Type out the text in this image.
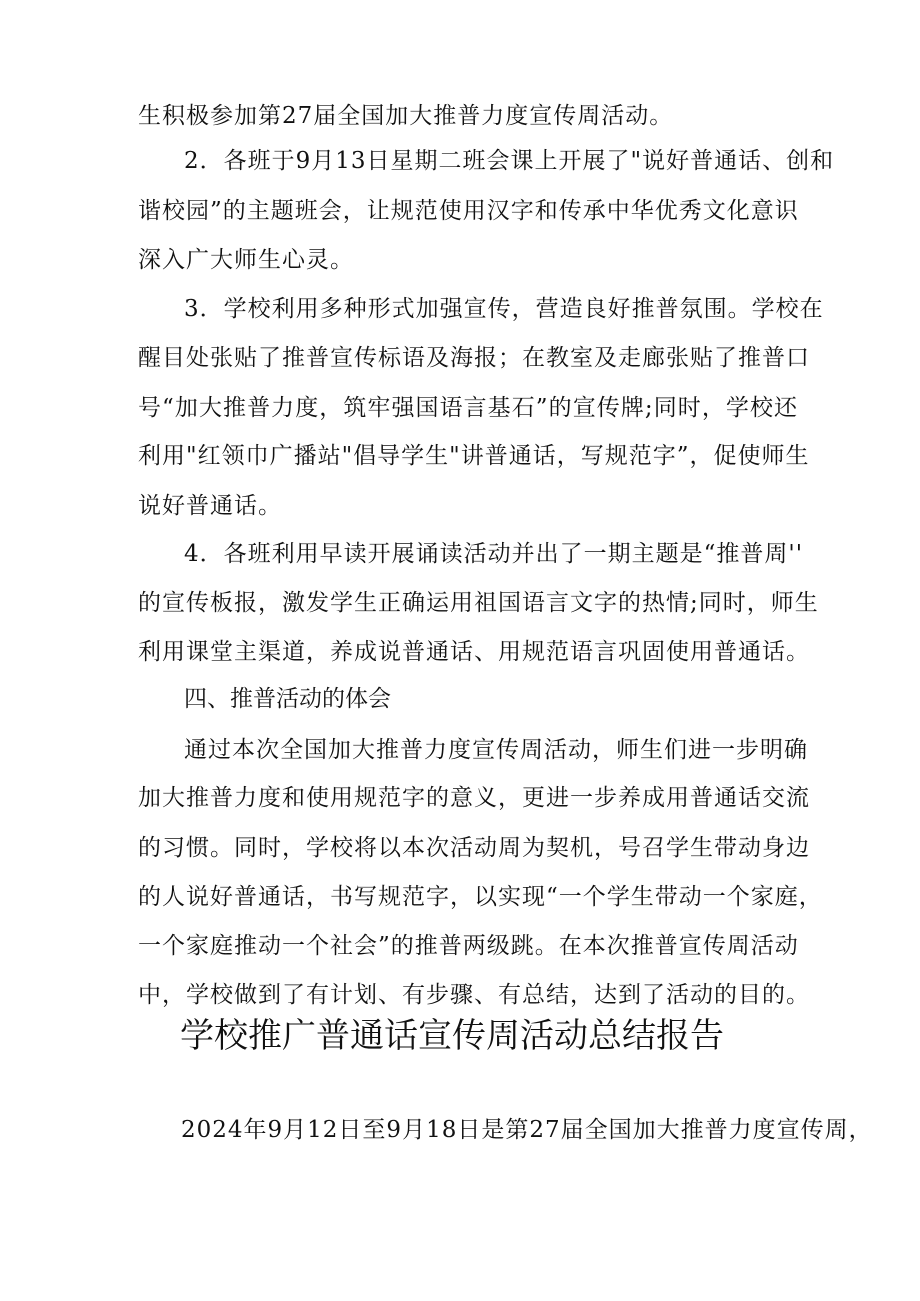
生积极参加第27届全国加大推普力度宣传周活动。
2．各班于9月13日星期二班会课上开展了"说好普通话、创和
谐校园”的主题班会，让规范使用汉字和传承中华优秀文化意识
深入广大师生心灵。
3．学校利用多种形式加强宣传，营造良好推普氛围。学校在
醒目处张贴了推普宣传标语及海报；在教室及走廊张贴了推普口
号“加大推普力度，筑牢强国语言基石”的宣传牌;同时，学校还
利用"红领巾广播站"倡导学生"讲普通话，写规范字”，促使师生
说好普通话。
4．各班利用早读开展诵读活动并出了一期主题是“推普周''
的宣传板报，激发学生正确运用祖国语言文字的热情;同时，师生
利用课堂主渠道，养成说普通话、用规范语言巩固使用普通话。
四、推普活动的体会
通过本次全国加大推普力度宣传周活动，师生们进一步明确
加大推普力度和使用规范字的意义，更进一步养成用普通话交流
的习惯。同时，学校将以本次活动周为契机，号召学生带动身边
的人说好普通话，书写规范字，以实现“一个学生带动一个家庭，
一个家庭推动一个社会”的推普两级跳。在本次推普宣传周活动
中，学校做到了有计划、有步骤、有总结，达到了活动的目的。
学校推广普通话宣传周活动总结报告
2024年9月12日至9月18日是第27届全国加大推普力度宣传周，
